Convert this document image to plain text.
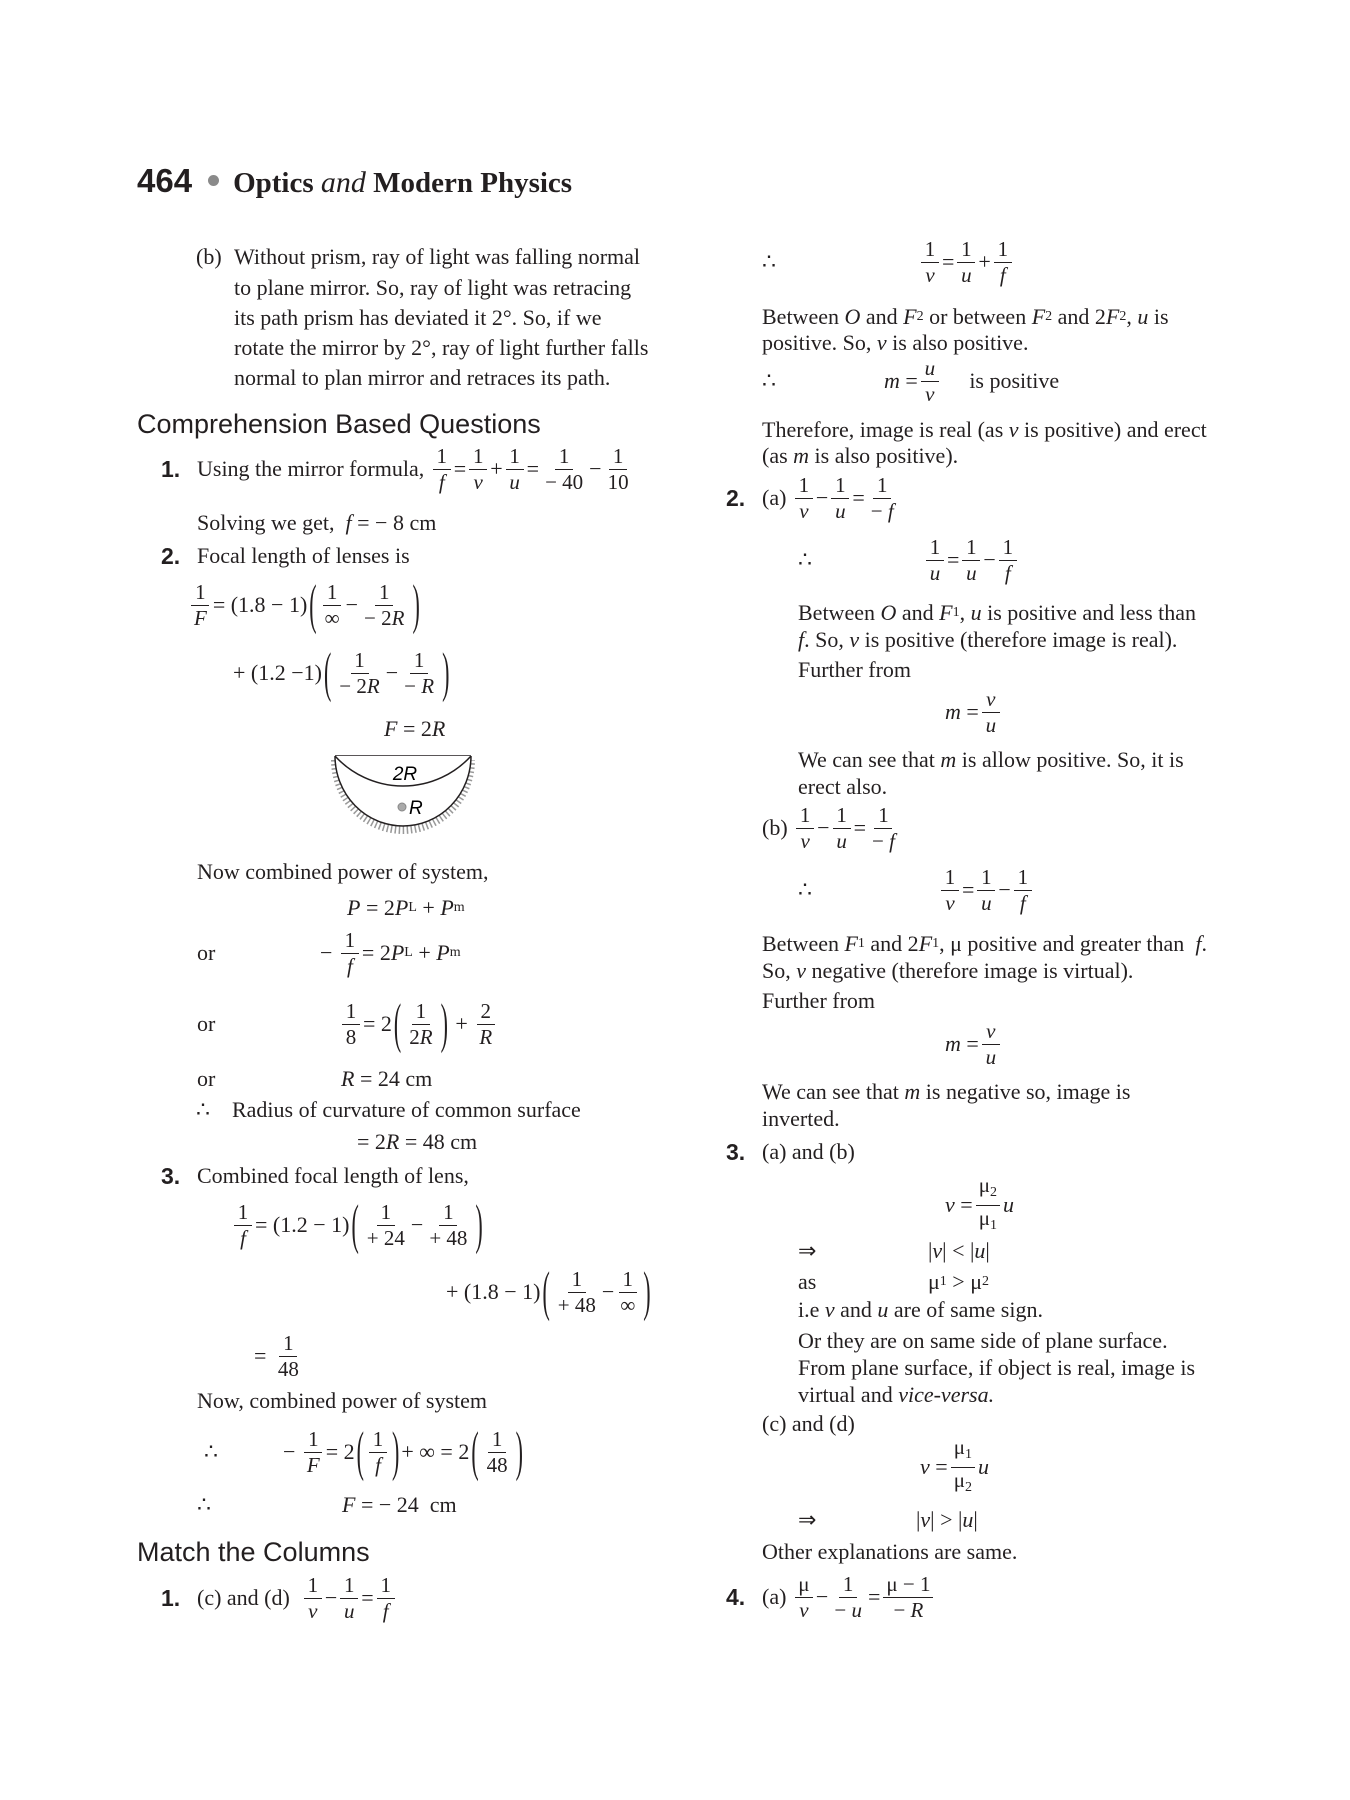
464 Optics and Modern Physics
(b) Without prism, ray of light was falling normal
to plane mirror. So, ray of light was retracing
its path prism has deviated it 2°. So, if we
rotate the mirror by 2°, ray of light further falls
normal to plan mirror and retraces its path.
Comprehension Based Questions
1. Using the mirror formula, $\frac{1}{f} = \frac{1}{v} + \frac{1}{u} = \frac{1}{- 40} - \frac{1}{10}$
Solving we get, f = − 8 cm
2. Focal length of lenses is
$\frac{1}{F} = (1.8 - 1)$ ( 1
∞
− $\frac{1}{- 2R}$ )
+ (1.2 −1) ( $\frac{1}{- 2R} - \frac{1}{- R}$ )
F = 2 R
2R
R
Now combined power of system,
P = 2 P L + P m
or	− $\frac{1}{f} = 2$ P L + P m
or	$\frac{1}{8} = 2$ ( $\frac{1}{2R}$ ) + $\frac{2}{R}$
or	R = 24 cm
∴    Radius of curvature of common surface
= 2 R = 48 cm
3. Combined focal length of lens,
$\frac{1}{f} = (1.2 - 1)$ ( $\frac{1}{+ 24} - \frac{1}{+ 48}$ )
+ (1.8 − 1) ( $\frac{1}{+ 48}$ −
1
∞ )
= $\frac{1}{48}$
Now, combined power of system
∴	− $\frac{1}{F} = 2$ ( $\frac{1}{f}$ ) + ∞ = 2 ( $\frac{1}{48}$ )
∴	F = − 24  cm
Match the Columns
1. (c) and $(d) \frac{1}{v} - \frac{1}{u} = \frac{1}{f}$
∴	$\frac{1}{v} = \frac{1}{u} + \frac{1}{f}$
Between O and F 2 or between F 2 and 2 F 2 , u is
positive. So, v is also positive.
∴	$m = \frac{u}{v}$ is positive
Therefore, image is real (as v is positive) and erect
(as m is also positive).
2. $(a) \frac{1}{v} - \frac{1}{u} = \frac{1}{- f}$
∴	$\frac{1}{u} = \frac{1}{u} - \frac{1}{f}$
Between O and F 1 , u is positive and less than
f . So, v is positive (therefore image is real).
Further from
$m = \frac{v}{u}$
We can see that m is allow positive. So, it is
erect also.
$(b) \frac{1}{v} - \frac{1}{u} = \frac{1}{- f}$
∴	$\frac{1}{v} = \frac{1}{u} - \frac{1}{f}$
Between F 1 and 2 F 1 , μ positive and greater than f .
So, v negative (therefore image is virtual).
Further from
$m = \frac{v}{u}$
We can see that m is negative so, image is
inverted.
3. (a) and (b)
$v = \frac{\mu_2}{\mu_1}$ u
⇒	| v | < | u |
as	μ 1 > μ 2
i.e v and u are of same sign.
Or they are on same side of plane surface.
From plane surface, if object is real, image is
virtual and vice-versa.
(c) and (d)
$v = \frac{\mu_1}{\mu_2}$ u
⇒	| v | > | u |
Other explanations are same.
4. $(a) \frac{\mu}{v} - \frac{1}{- u} = \frac{\mu - 1}{- R}$
